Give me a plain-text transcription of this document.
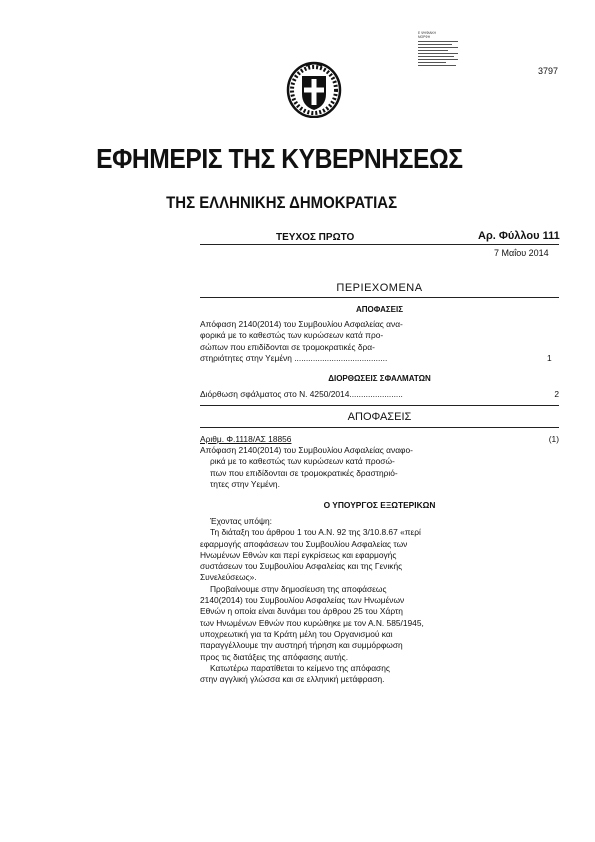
Ε ΨΗΦΙΑΚΗ
ΜΟΡΦΗ
3797
ΕΦΗΜΕΡΙΣ ΤΗΣ ΚΥΒΕΡΝΗΣΕΩΣ
ΤΗΣ ΕΛΛΗΝΙΚΗΣ ΔΗΜΟΚΡΑΤΙΑΣ
ΤΕΥΧΟΣ ΠΡΩΤΟ	Αρ. Φύλλου 111
7 Μαΐου 2014
ΠΕΡΙΕΧΟΜΕΝΑ
ΑΠΟΦΑΣΕΙΣ
Απόφαση 2140(2014) του Συμβουλίου Ασφαλείας ανα-
φορικά με το καθεστώς των κυρώσεων κατά προ-
σώπων που επιδίδονται σε τρομοκρατικές δρα-
στηριότητες στην Υεμένη ........................................	1
ΔΙΟΡΘΩΣΕΙΣ ΣΦΑΛΜΑΤΩΝ
Διόρθωση σφάλματος στο Ν. 4250/2014.......................	2
ΑΠΟΦΑΣΕΙΣ
Αριθμ. Φ.1118/ΑΣ 18856	(1)
Απόφαση 2140(2014) του Συμβουλίου Ασφαλείας αναφο-
ρικά με το καθεστώς των κυρώσεων κατά προσώ-
πων που επιδίδονται σε τρομοκρατικές δραστηριό-
τητες στην Υεμένη.
Ο ΥΠΟΥΡΓΟΣ ΕΞΩΤΕΡΙΚΩΝ
Έχοντας υπόψη:
Τη διάταξη του άρθρου 1 του Α.Ν. 92 της 3/10.8.67 «περί
εφαρμογής αποφάσεων του Συμβουλίου Ασφαλείας των
Ηνωμένων Εθνών και περί εγκρίσεως και εφαρμογής
συστάσεων του Συμβουλίου Ασφαλείας και της Γενικής
Συνελεύσεως».
Προβαίνουμε στην δημοσίευση της αποφάσεως
2140(2014) του Συμβουλίου Ασφαλείας των Ηνωμένων
Εθνών η οποία είναι δυνάμει του άρθρου 25 του Χάρτη
των Ηνωμένων Εθνών που κυρώθηκε με τον Α.Ν. 585/1945,
υποχρεωτική για τα Κράτη μέλη του Οργανισμού και
παραγγέλλουμε την αυστηρή τήρηση και συμμόρφωση
προς τις διατάξεις της απόφασης αυτής.
Κατωτέρω παρατίθεται το κείμενο της απόφασης
στην αγγλική γλώσσα και σε ελληνική μετάφραση.
